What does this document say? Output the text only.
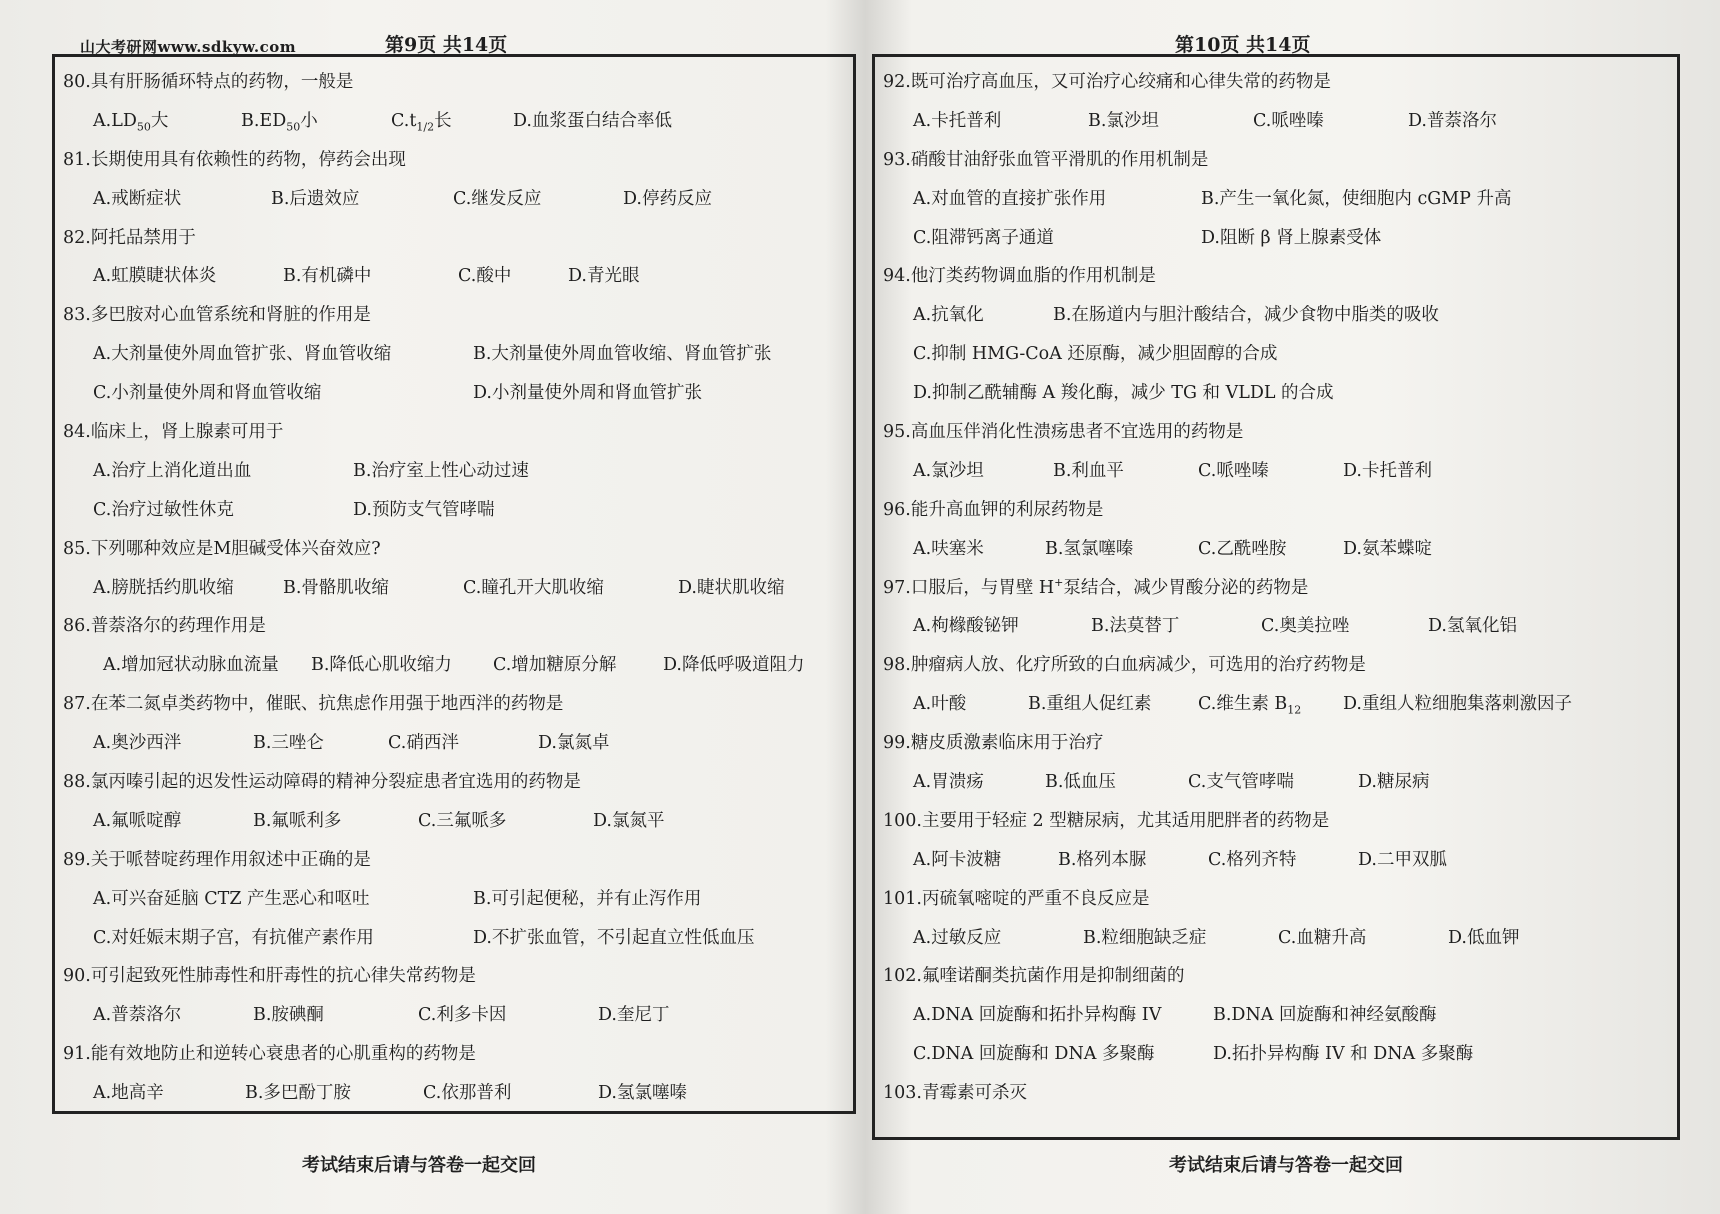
山大考研网www.sdkyw.com	第9页 共14页	第10页 共14页
80.具有肝肠循环特点的药物，一般是
$A.LD_{50}$大	$B.ED_{50}$小	$C.t_{1/2}$长	D.血浆蛋白结合率低
81.长期使用具有依赖性的药物，停药会出现
A.戒断症状	B.后遗效应	C.继发反应	D.停药反应
82.阿托品禁用于
A.虹膜睫状体炎	B.有机磷中	C.酸中	D.青光眼
83.多巴胺对心血管系统和肾脏的作用是
A.大剂量使外周血管扩张、肾血管收缩	B.大剂量使外周血管收缩、肾血管扩张
C.小剂量使外周和肾血管收缩	D.小剂量使外周和肾血管扩张
84.临床上，肾上腺素可用于
A.治疗上消化道出血	B.治疗室上性心动过速
C.治疗过敏性休克	D.预防支气管哮喘
85.下列哪种效应是M胆碱受体兴奋效应?
A.膀胱括约肌收缩	B.骨骼肌收缩	C.瞳孔开大肌收缩	D.睫状肌收缩
86.普萘洛尔的药理作用是
A.增加冠状动脉血流量 B.降低心肌收缩力 C.增加糖原分解	D.降低呼吸道阻力
87.在苯二氮卓类药物中，催眠、抗焦虑作用强于地西泮的药物是
A.奥沙西泮	B.三唑仑	C.硝西泮	D.氯氮卓
88.氯丙嗪引起的迟发性运动障碍的精神分裂症患者宜选用的药物是
A.氟哌啶醇	B.氟哌利多	C.三氟哌多	D.氯氮平
89.关于哌替啶药理作用叙述中正确的是
A.可兴奋延脑 CTZ 产生恶心和呕吐	B.可引起便秘，并有止泻作用
C.对妊娠末期子宫，有抗催产素作用	D.不扩张血管，不引起直立性低血压
90.可引起致死性肺毒性和肝毒性的抗心律失常药物是
A.普萘洛尔	B.胺碘酮	C.利多卡因	D.奎尼丁
91.能有效地防止和逆转心衰患者的心肌重构的药物是
A.地高辛	B.多巴酚丁胺	C.依那普利	D.氢氯噻嗪
92.既可治疗高血压，又可治疗心绞痛和心律失常的药物是
A.卡托普利	B.氯沙坦	C.哌唑嗪	D.普萘洛尔
93.硝酸甘油舒张血管平滑肌的作用机制是
A.对血管的直接扩张作用	B.产生一氧化氮，使细胞内 cGMP 升高
C.阻滞钙离子通道	D.阻断 β 肾上腺素受体
94.他汀类药物调血脂的作用机制是
A.抗氧化	B.在肠道内与胆汁酸结合，减少食物中脂类的吸收
C.抑制 HMG-CoA 还原酶，减少胆固醇的合成
D.抑制乙酰辅酶 A 羧化酶，减少 TG 和 VLDL 的合成
95.高血压伴消化性溃疡患者不宜选用的药物是
A.氯沙坦	B.利血平	C.哌唑嗪	D.卡托普利
96.能升高血钾的利尿药物是
A.呋塞米	B.氢氯噻嗪	C.乙酰唑胺	D.氨苯蝶啶
97.口服后，与胃壁 H+泵结合，减少胃酸分泌的药物是
A.枸橼酸铋钾	B.法莫替丁	C.奥美拉唑	D.氢氧化铝
98.肿瘤病人放、化疗所致的白血病减少，可选用的治疗药物是
A.叶酸	B.重组人促红素	C.维生素 $B_{12}$ D.重组人粒细胞集落刺激因子
99.糖皮质激素临床用于治疗
A.胃溃疡	B.低血压	C.支气管哮喘	D.糖尿病
100.主要用于轻症 2 型糖尿病，尤其适用肥胖者的药物是
A.阿卡波糖	B.格列本脲	C.格列齐特	D.二甲双胍
101.丙硫氧嘧啶的严重不良反应是
A.过敏反应	B.粒细胞缺乏症	C.血糖升高	D.低血钾
102.氟喹诺酮类抗菌作用是抑制细菌的
A.DNA 回旋酶和拓扑异构酶 IV	B.DNA 回旋酶和神经氨酸酶
C.DNA 回旋酶和 DNA 多聚酶	D.拓扑异构酶 IV 和 DNA 多聚酶
103.青霉素可杀灭
考试结束后请与答卷一起交回	考试结束后请与答卷一起交回
